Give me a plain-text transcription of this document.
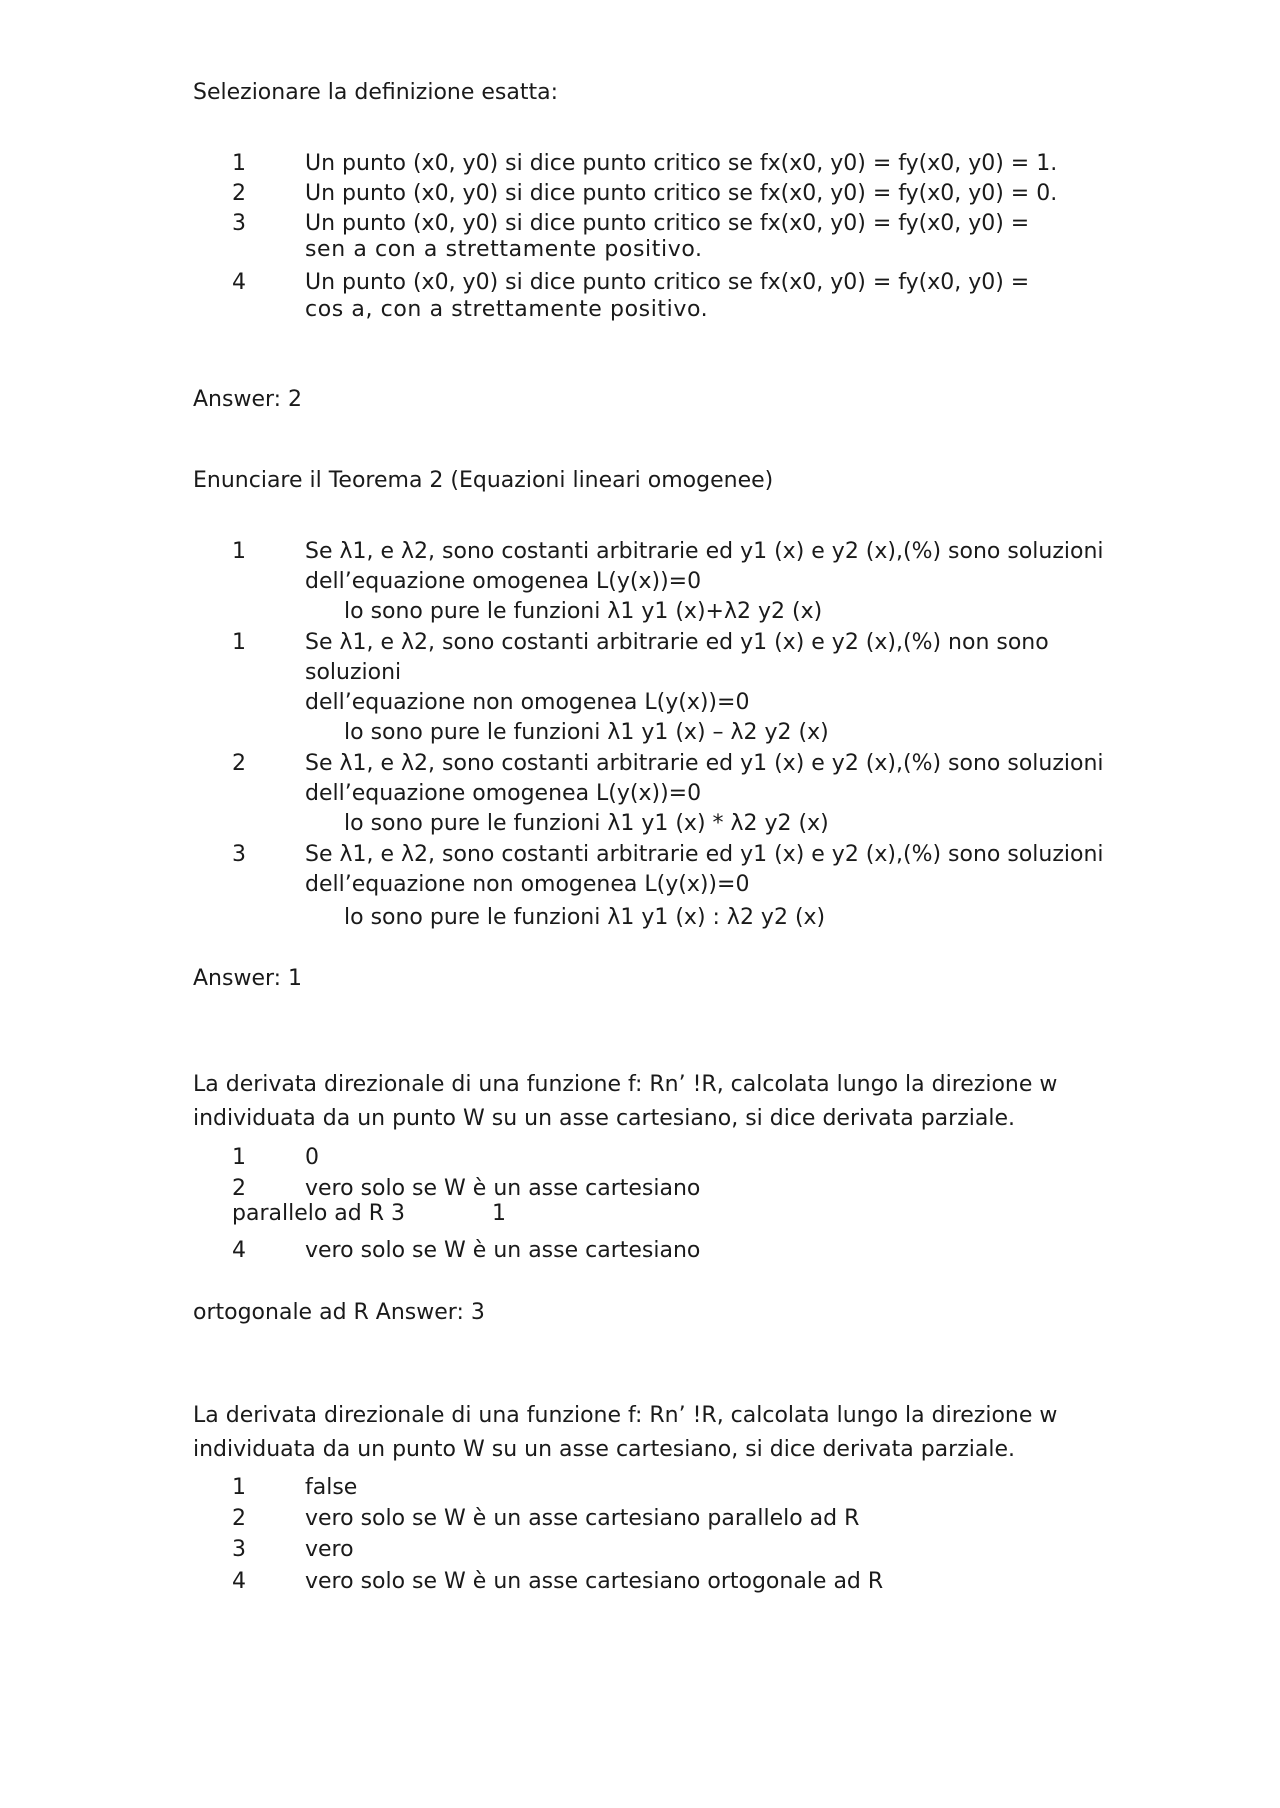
Selezionare la definizione esatta:
1	Un punto (x0, y0) si dice punto critico se fx(x0, y0) = fy(x0, y0) = 1.
2	Un punto (x0, y0) si dice punto critico se fx(x0, y0) = fy(x0, y0) = 0.
3	Un punto (x0, y0) si dice punto critico se fx(x0, y0) = fy(x0, y0) =
sen a con a strettamente positivo.
4	Un punto (x0, y0) si dice punto critico se fx(x0, y0) = fy(x0, y0) =
cos a, con a strettamente positivo.
Answer: 2
Enunciare il Teorema 2 (Equazioni lineari omogenee)
1	Se λ1, e λ2, sono costanti arbitrarie ed y1 (x) e y2 (x),(%) sono soluzioni
dell’equazione omogenea L(y(x))=0
lo sono pure le funzioni λ1 y1 (x)+λ2 y2 (x)
1	Se λ1, e λ2, sono costanti arbitrarie ed y1 (x) e y2 (x),(%) non sono
soluzioni
dell’equazione non omogenea L(y(x))=0
lo sono pure le funzioni λ1 y1 (x) – λ2 y2 (x)
2	Se λ1, e λ2, sono costanti arbitrarie ed y1 (x) e y2 (x),(%) sono soluzioni
dell’equazione omogenea L(y(x))=0
lo sono pure le funzioni λ1 y1 (x) * λ2 y2 (x)
3	Se λ1, e λ2, sono costanti arbitrarie ed y1 (x) e y2 (x),(%) sono soluzioni
dell’equazione non omogenea L(y(x))=0
lo sono pure le funzioni λ1 y1 (x) : λ2 y2 (x)
Answer: 1
La derivata direzionale di una funzione f: Rn’ !R, calcolata lungo la direzione w
individuata da un punto W su un asse cartesiano, si dice derivata parziale.
1	0
2	vero solo se W è un asse cartesiano
parallelo ad R 3	1
4	vero solo se W è un asse cartesiano
ortogonale ad R Answer: 3
La derivata direzionale di una funzione f: Rn’ !R, calcolata lungo la direzione w
individuata da un punto W su un asse cartesiano, si dice derivata parziale.
1	false
2	vero solo se W è un asse cartesiano parallelo ad R
3	vero
4	vero solo se W è un asse cartesiano ortogonale ad R
